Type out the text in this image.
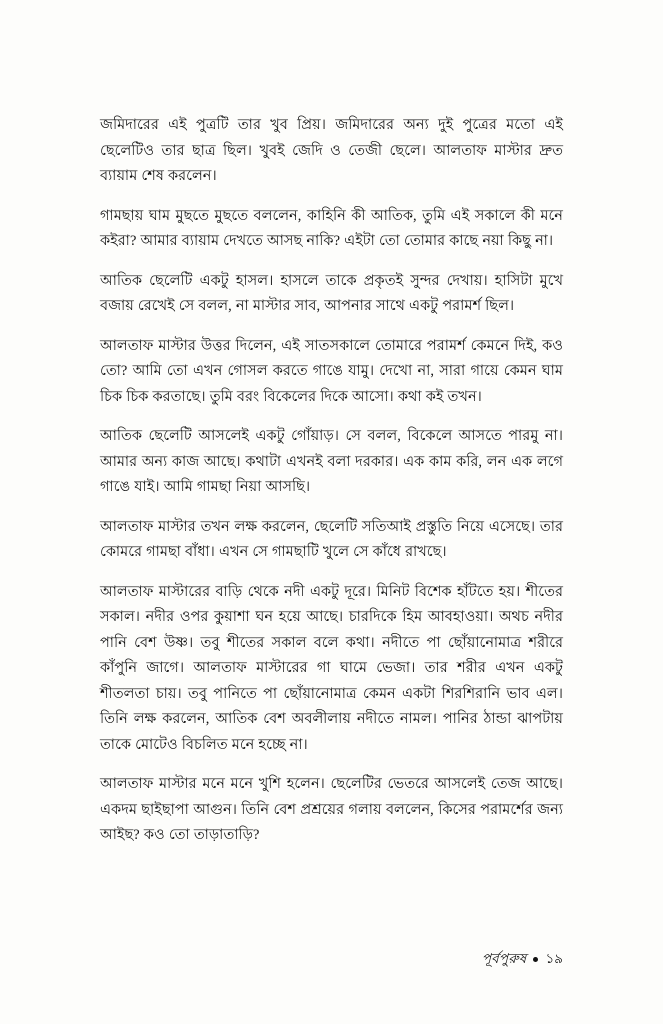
জমিদারের এই পুত্রটি তার খুব প্রিয়। জমিদারের অন্য দুই পুত্রের মতো এই ছেলেটিও তার ছাত্র ছিল। খুবই জেদি ও তেজী ছেলে। আলতাফ মাস্টার দ্রুত ব্যায়াম শেষ করলেন।

গামছায় ঘাম মুছতে মুছতে বললেন, কাহিনি কী আতিক, তুমি এই সকালে কী মনে কইরা? আমার ব্যায়াম দেখতে আসছ নাকি? এইটা তো তোমার কাছে নয়া কিছু না।

আতিক ছেলেটি একটু হাসল। হাসলে তাকে প্রকৃতই সুন্দর দেখায়। হাসিটা মুখে বজায় রেখেই সে বলল, না মাস্টার সাব, আপনার সাথে একটু পরামর্শ ছিল।

আলতাফ মাস্টার উত্তর দিলেন, এই সাতসকালে তোমারে পরামর্শ কেমনে দিই, কও তো? আমি তো এখন গোসল করতে গাঙে যামু। দেখো না, সারা গায়ে কেমন ঘাম চিক চিক করতাছে। তুমি বরং বিকেলের দিকে আসো। কথা কই তখন।

আতিক ছেলেটি আসলেই একটু গোঁয়াড়। সে বলল, বিকেলে আসতে পারমু না। আমার অন্য কাজ আছে। কথাটা এখনই বলা দরকার। এক কাম করি, লন এক লগে গাঙে যাই। আমি গামছা নিয়া আসছি।

আলতাফ মাস্টার তখন লক্ষ করলেন, ছেলেটি সতিআই প্রস্তুতি নিয়ে এসেছে। তার কোমরে গামছা বাঁধা। এখন সে গামছাটি খুলে সে কাঁধে রাখছে।

আলতাফ মাস্টারের বাড়ি থেকে নদী একটু দূরে। মিনিট বিশেক হাঁটতে হয়। শীতের সকাল। নদীর ওপর কুয়াশা ঘন হয়ে আছে। চারদিকে হিম আবহাওয়া। অথচ নদীর পানি বেশ উষ্ণ। তবু শীতের সকাল বলে কথা। নদীতে পা ছোঁয়ানোমাত্র শরীরে কাঁপুনি জাগে। আলতাফ মাস্টারের গা ঘামে ভেজা। তার শরীর এখন একটু শীতলতা চায়। তবু পানিতে পা ছোঁয়ানোমাত্র কেমন একটা শিরশিরানি ভাব এল। তিনি লক্ষ করলেন, আতিক বেশ অবলীলায় নদীতে নামল। পানির ঠান্ডা ঝাপটায় তাকে মোটেও বিচলিত মনে হচ্ছে না।

আলতাফ মাস্টার মনে মনে খুশি হলেন। ছেলেটির ভেতরে আসলেই তেজ আছে। একদম ছাইছাপা আগুন। তিনি বেশ প্রশ্রয়ের গলায় বললেন, কিসের পরামর্শের জন্য আইছ? কও তো তাড়াতাড়ি?

পূর্বপুরুষ ১৯
